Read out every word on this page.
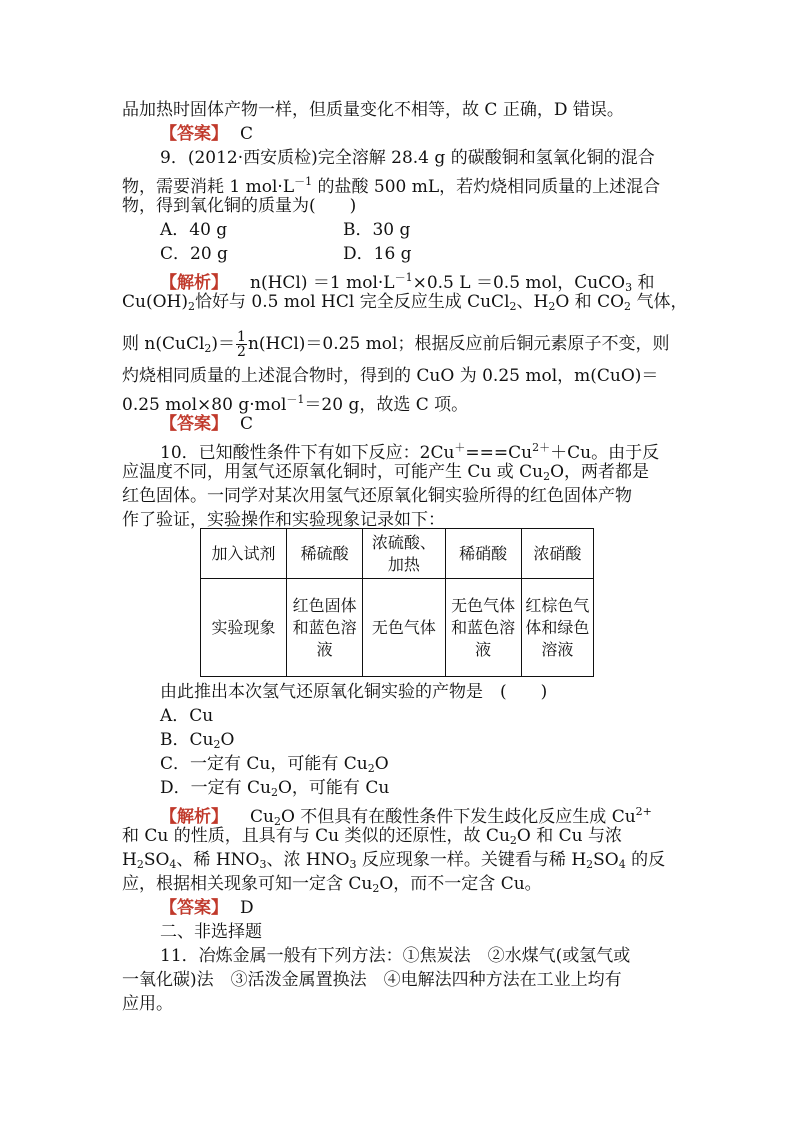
品加热时固体产物一样，但质量变化不相等，故 C 正确，D 错误。
【答案】 C
9．(2012·西安质检)完全溶解 28.4 g 的碳酸铜和氢氧化铜的混合
物，需要消耗 1 $mol\cdot L^{-1}$ 的盐酸 500 mL，若灼烧相同质量的上述混合
物，得到氧化铜的质量为(　　)
A．40 g	B．30 g
C．20 g	D．16 g
【解析】 n(HCl) ＝1 $mol\cdot L^{-1}\times 0.5$ L ＝0.5 mol，CuCO$_3$ 和
$Cu(OH)_2$恰好与 0.5 mol HCl 完全反应生成 CuCl$_2$、$H_2O$ 和 $CO_2$ 气体，
则 n(CuCl$_2$)＝ $\frac{1}{2} n(HCl)=0.25$ mol；根据反应前后铜元素原子不变，则
灼烧相同质量的上述混合物时，得到的 CuO 为 0.25 mol，m(CuO)＝
0.25 mol×80 g·mol$^{-1}$＝20 g，故选 C 项。
【答案】 C
10．已知酸性条件下有如下反应：$2Cu^+===Cu^{2+}+Cu$。由于反
应温度不同，用氢气还原氧化铜时，可能产生 Cu 或 $Cu_2O$，两者都是
红色固体。一同学对某次用氢气还原氧化铜实验所得的红色固体产物
作了验证，实验操作和实验现象记录如下：
加入试剂	稀硫酸	浓硫酸、加热	稀硝酸	浓硝酸
实验现象	红色固体和蓝色溶液	无色气体	无色气体和蓝色溶液	红棕色气体和绿色溶液
由此推出本次氢气还原氧化铜实验的产物是　(　　)
A．Cu
B．$Cu_2O$
C．一定有 Cu，可能有 $Cu_2O$
D．一定有 $Cu_2O$，可能有 Cu
【解析】 $Cu_2O$ 不但具有在酸性条件下发生歧化反应生成 $Cu^{2+}$
和 Cu 的性质，且具有与 Cu 类似的还原性，故 $Cu_2O$ 和 Cu 与浓
$H_2SO_4$、稀 $HNO_3$、浓 $HNO_3$ 反应现象一样。关键看与稀 $H_2SO_4$ 的反
应，根据相关现象可知一定含 $Cu_2O$，而不一定含 Cu。
【答案】 D
二、非选择题
11．冶炼金属一般有下列方法：①焦炭法　②水煤气(或氢气或
一氧化碳)法　③活泼金属置换法　④电解法四种方法在工业上均有
应用。
